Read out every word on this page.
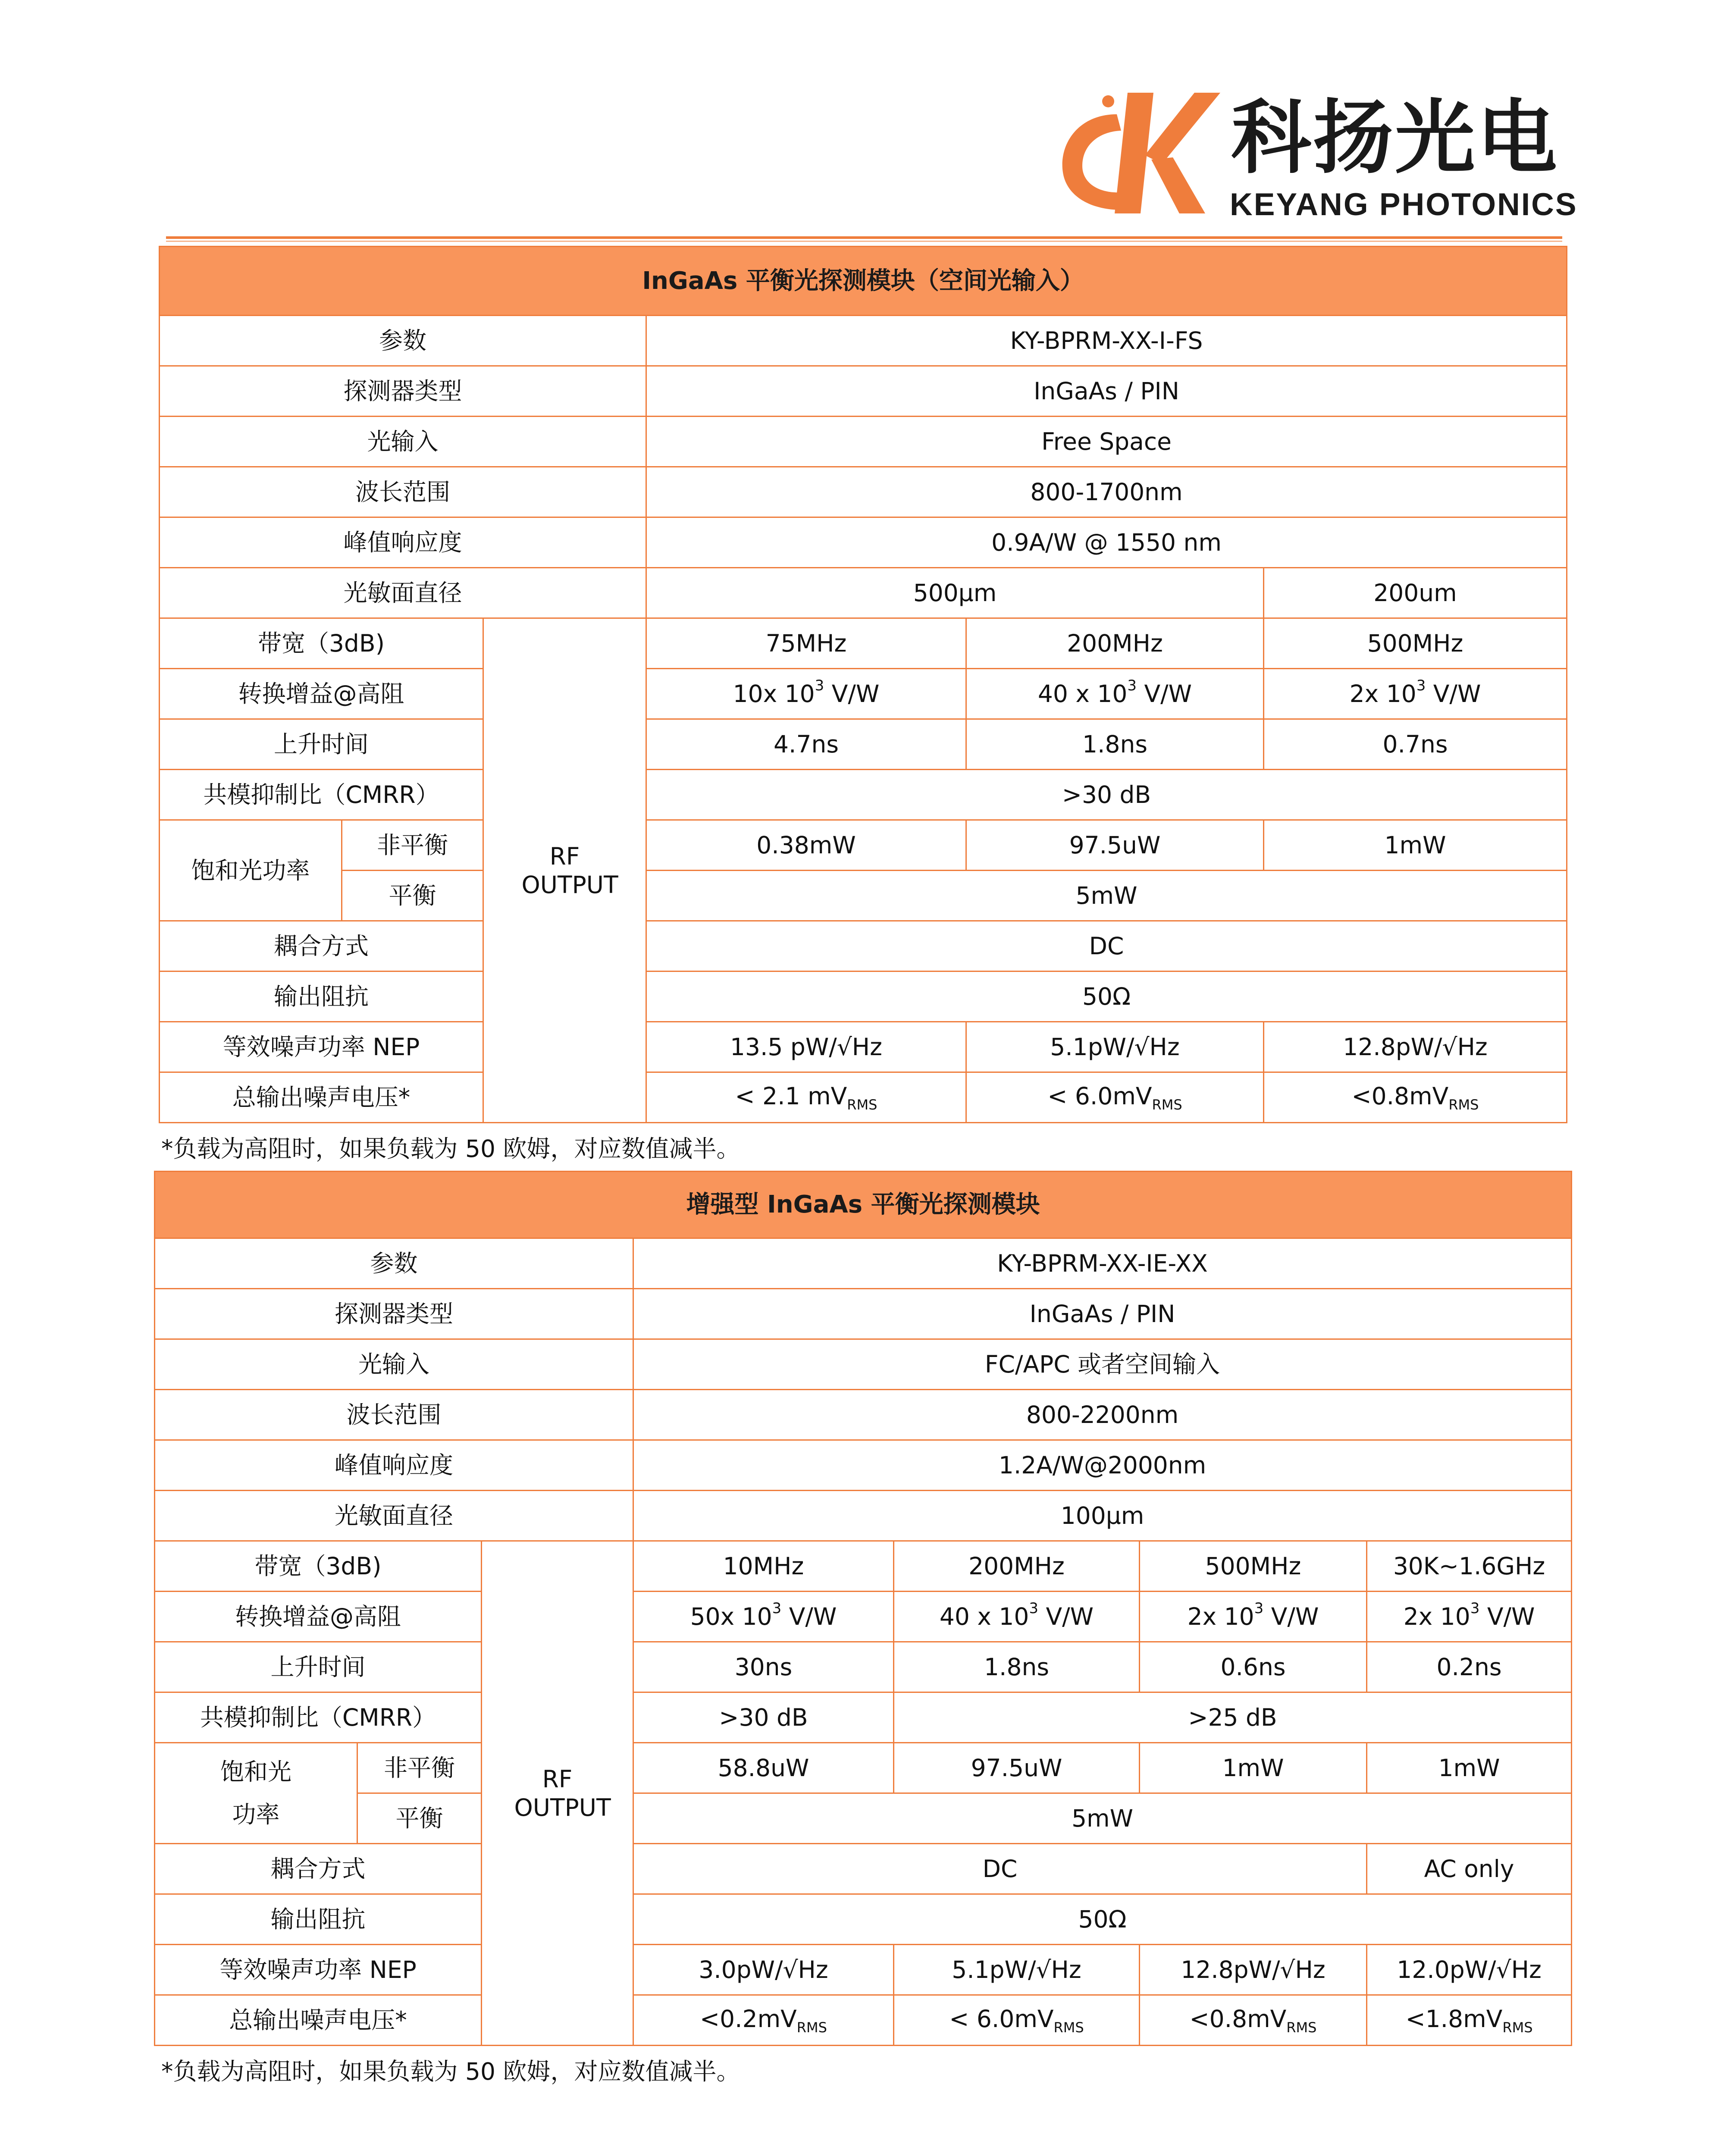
科扬光电
KEYANG PHOTONICS
InGaAs 平衡光探测模块（空间光输入）					
参数			KY-BPRM-XX-I-FS		
探测器类型			InGaAs / PIN		
光输入			Free Space		
波长范围			800-1700nm		
峰值响应度			0.9A/W @ 1550 nm		
光敏面直径			500µm		200um
带宽（3dB)		RF OUTPUT	75MHz	200MHz	500MHz
转换增益@高阻			10x $10^3$ V/W	40 x $10^3$ V/W	2x $10^3$ V/W
上升时间			4.7ns	1.8ns	0.7ns
共模抑制比（CMRR）			>30 dB		
饱和光功率	非平衡		0.38mW	97.5uW	1mW
	平衡		5mW		
耦合方式			DC		
输出阻抗			50Ω		
等效噪声功率 NEP			13.5 pW/√Hz	5.1pW/√Hz	12.8pW/√Hz
总输出噪声电压*			< 2.1 $mV_{RMS}$	< $6.0mV_{RMS}$	$<0.8mV_{RMS}$
*负载为高阻时，如果负载为 50 欧姆，对应数值减半。
增强型 InGaAs 平衡光探测模块						
参数			KY-BPRM-XX-IE-XX			
探测器类型			InGaAs / PIN			
光输入			FC/APC 或者空间输入			
波长范围			800-2200nm			
峰值响应度			1.2A/W@2000nm			
光敏面直径			100µm			
带宽（3dB)		RF OUTPUT	10MHz	200MHz	500MHz	30K~1.6GHz
转换增益@高阻			50x $10^3$ V/W	40 x $10^3$ V/W	2x $10^3$ V/W	2x $10^3$ V/W
上升时间			30ns	1.8ns	0.6ns	0.2ns
共模抑制比（CMRR）			>30 dB	>25 dB		
饱和光功率	非平衡		58.8uW	97.5uW	1mW	1mW
	平衡		5mW			
耦合方式			DC			AC only
输出阻抗			50Ω			
等效噪声功率 NEP			3.0pW/√Hz	5.1pW/√Hz	12.8pW/√Hz	12.0pW/√Hz
总输出噪声电压*			$<0.2mV_{RMS}$	< $6.0mV_{RMS}$	$<0.8mV_{RMS}$	$<1.8mV_{RMS}$
*负载为高阻时，如果负载为 50 欧姆，对应数值减半。
